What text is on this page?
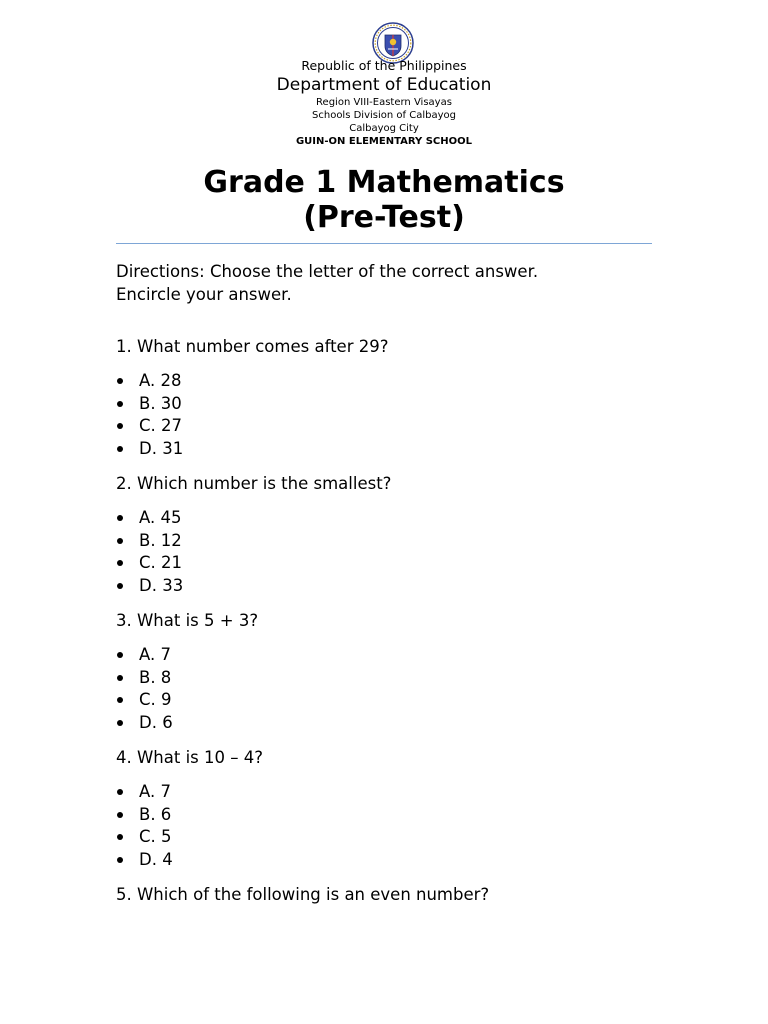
Republic of the Philippines
Department of Education
Region VIII-Eastern Visayas
Schools Division of Calbayog
Calbayog City
GUIN-ON ELEMENTARY SCHOOL
Grade 1 Mathematics
(Pre-Test)

Directions: Choose the letter of the correct answer.
Encircle your answer.

1. What number comes after 29?

A. 28
B. 30
C. 27
D. 31

2. Which number is the smallest?

A. 45
B. 12
C. 21
D. 33

3. What is 5 + 3?

A. 7
B. 8
C. 9
D. 6

4. What is 10 – 4?

A. 7
B. 6
C. 5
D. 4

5. Which of the following is an even number?
